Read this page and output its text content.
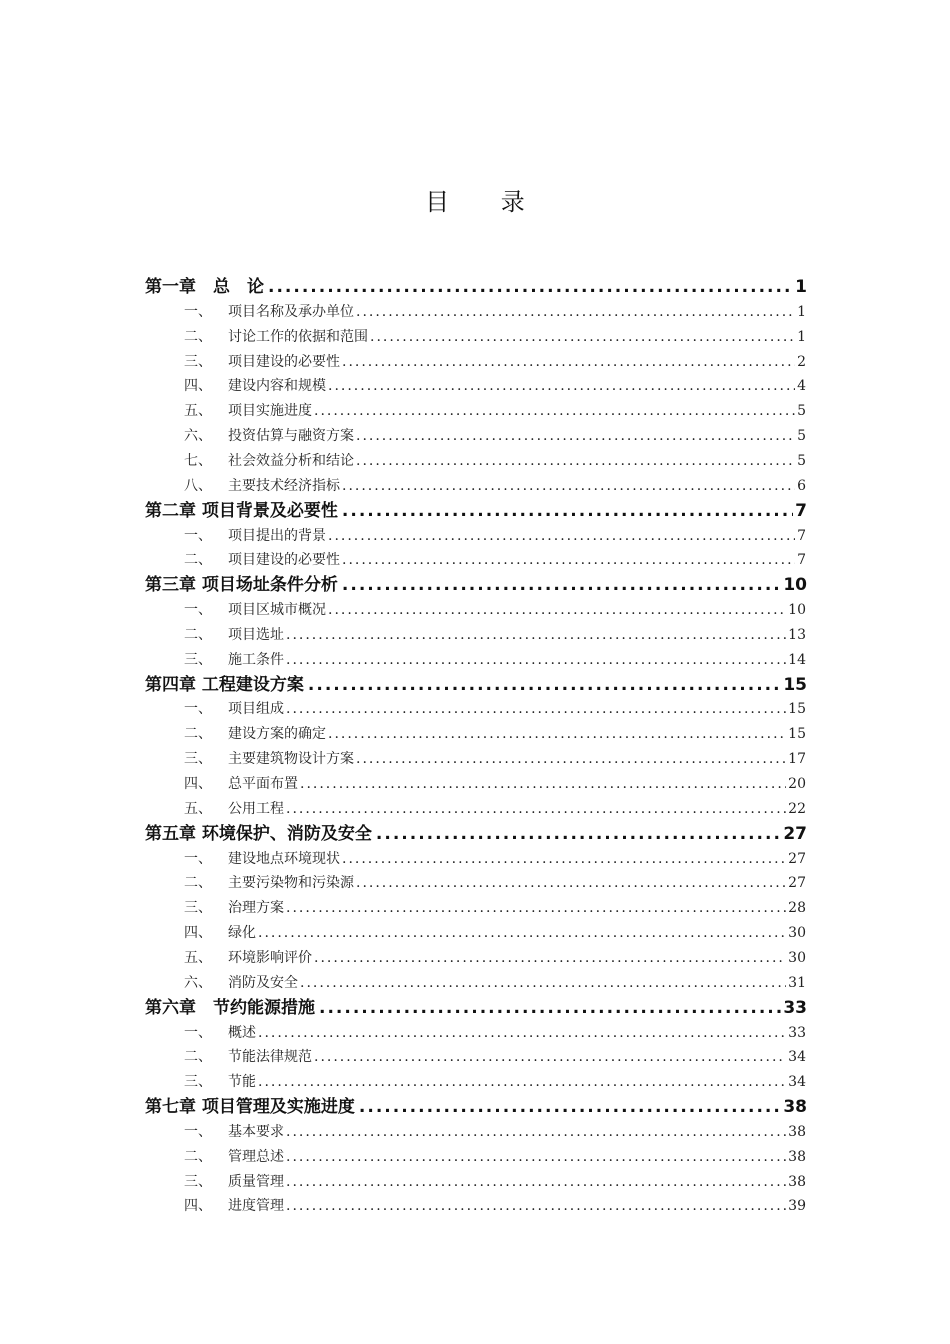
目 录
第一章　总　论 .....	1
一、	项目名称及承办单位 .....	1
二、	讨论工作的依据和范围 .....	1
三、	项目建设的必要性 .....	2
四、	建设内容和规模 .....	4
五、	项目实施进度 .....	5
六、	投资估算与融资方案 .....	5
七、	社会效益分析和结论 .....	5
八、	主要技术经济指标 .....	6
第二章 项目背景及必要性 .....	7
一、	项目提出的背景 .....	7
二、	项目建设的必要性 .....	7
第三章 项目场址条件分析 .....	10
一、	项目区城市概况 .....	10
二、	项目选址 .....	13
三、	施工条件 .....	14
第四章 工程建设方案 .....	15
一、	项目组成 .....	15
二、	建设方案的确定 .....	15
三、	主要建筑物设计方案 .....	17
四、	总平面布置 .....	20
五、	公用工程 .....	22
第五章 环境保护、消防及安全 .....	27
一、	建设地点环境现状 .....	27
二、	主要污染物和污染源 .....	27
三、	治理方案 .....	28
四、	绿化 .....	30
五、	环境影响评价 .....	30
六、	消防及安全 .....	31
第六章　节约能源措施 .....	33
一、	概述 .....	33
二、	节能法律规范 .....	34
三、	节能 .....	34
第七章 项目管理及实施进度 .....	38
一、	基本要求 .....	38
二、	管理总述 .....	38
三、	质量管理 .....	38
四、	进度管理 .....	39
